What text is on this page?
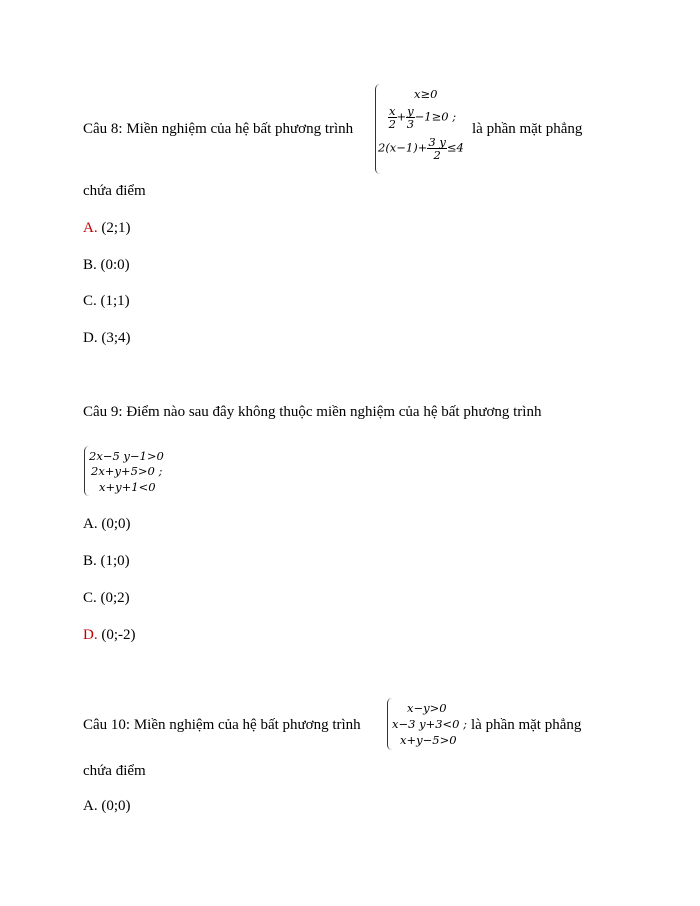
Câu 8: Miền nghiệm của hệ bất phương trình
x≥0
$\frac{x}{2} + \frac{y}{3} -1\ge 0$ ;
$2(x-1)+ \frac{3 y}{2} \le 4$
là phần mặt phẳng
chứa điểm
A. (2;1)
B. (0:0)
C. (1;1)
D. (3;4)
Câu 9: Điểm nào sau đây không thuộc miền nghiệm của hệ bất phương trình
2x−5 y−1>0
2x+y+5>0 ;
x+y+1<0
A. (0;0)
B. (1;0)
C. (0;2)
D. (0;-2)
Câu 10: Miền nghiệm của hệ bất phương trình
x−y>0
x−3 y+3<0 ;
x+y−5>0
là phần mặt phẳng
chứa điểm
A. (0;0)
